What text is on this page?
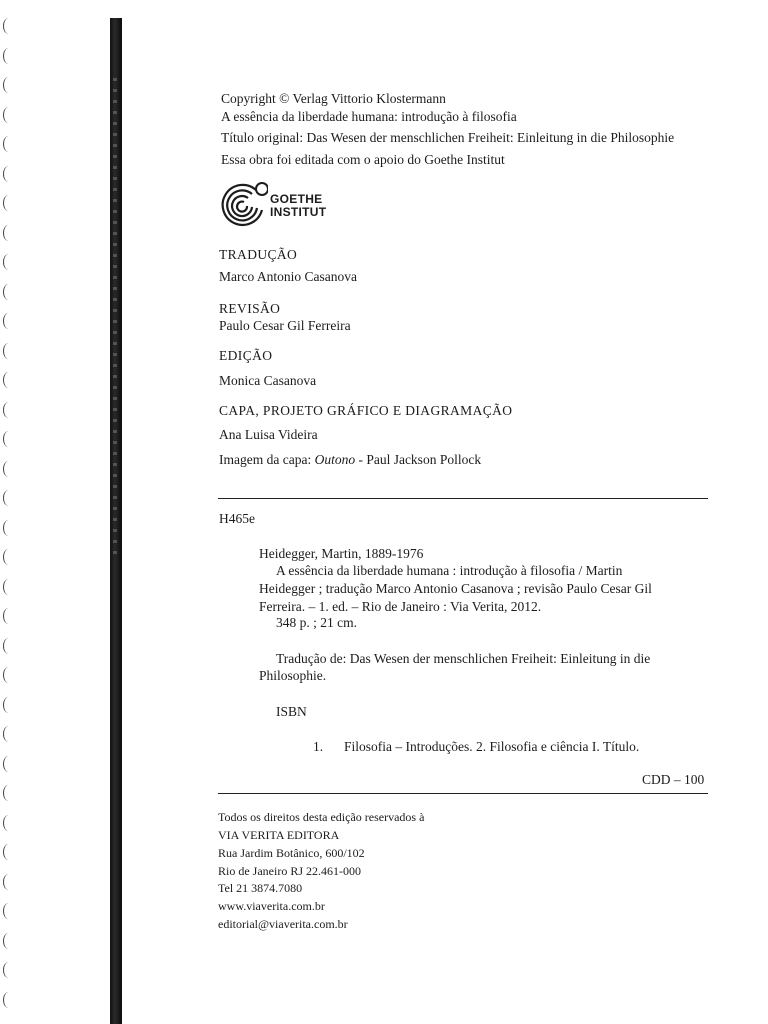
Copyright © Verlag Vittorio Klostermann
A essência da liberdade humana: introdução à filosofia
Título original: Das Wesen der menschlichen Freiheit: Einleitung in die Philosophie
Essa obra foi editada com o apoio do Goethe Institut
GOETHE
INSTITUT
TRADUÇÃO
Marco Antonio Casanova
REVISÃO
Paulo Cesar Gil Ferreira
EDIÇÃO
Monica Casanova
CAPA, PROJETO GRÁFICO E DIAGRAMAÇÃO
Ana Luisa Videira
Imagem da capa: Outono - Paul Jackson Pollock
H465e
Heidegger, Martin, 1889-1976
A essência da liberdade humana : introdução à filosofia / Martin
Heidegger ; tradução Marco Antonio Casanova ; revisão Paulo Cesar Gil
Ferreira. – 1. ed. – Rio de Janeiro : Via Verita, 2012.
348 p. ; 21 cm.
Tradução de: Das Wesen der menschlichen Freiheit: Einleitung in die
Philosophie.
ISBN
1. Filosofia – Introduções. 2. Filosofia e ciência I. Título.
CDD – 100
Todos os direitos desta edição reservados à
VIA VERITA EDITORA
Rua Jardim Botânico, 600/102
Rio de Janeiro RJ 22.461-000
Tel 21 3874.7080
www.viaverita.com.br
editorial@viaverita.com.br
